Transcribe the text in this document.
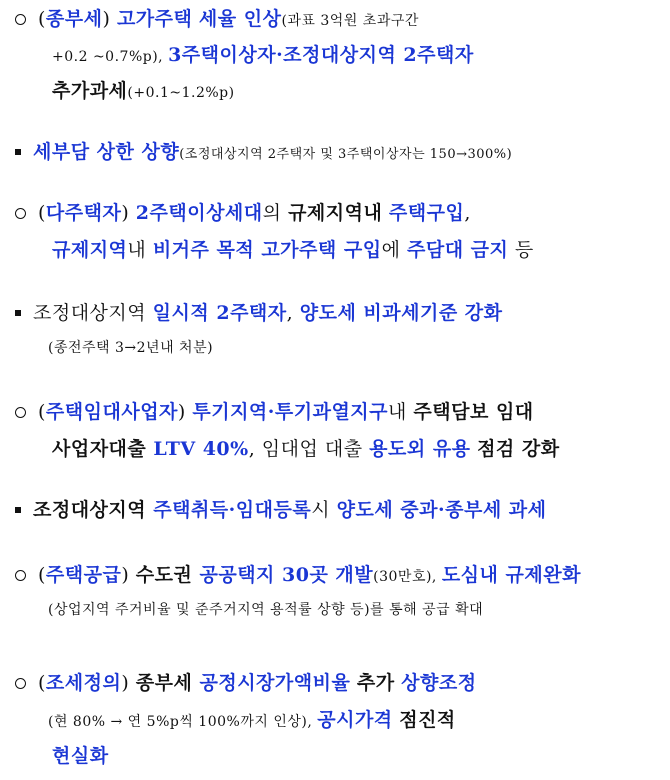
(종부세) 고가주택 세율 인상(과표 3억원 초과구간
+0.2 ~0.7%p), 3주택이상자·조정대상지역 2주택자
추가과세(+0.1~1.2%p)
세부담 상한 상향(조정대상지역 2주택자 및 3주택이상자는 150→300%)
(다주택자) 2주택이상세대의 규제지역내 주택구입,
규제지역내 비거주 목적 고가주택 구입에 주담대 금지 등
조정대상지역 일시적 2주택자, 양도세 비과세기준 강화
(종전주택 3→2년내 처분)
(주택임대사업자) 투기지역·투기과열지구내 주택담보 임대
사업자대출 LTV 40%, 임대업 대출 용도외 유용 점검 강화
조정대상지역 주택취득·임대등록시 양도세 중과·종부세 과세
(주택공급) 수도권 공공택지 30곳 개발(30만호), 도심내 규제완화
(상업지역 주거비율 및 준주거지역 용적률 상향 등)를 통해 공급 확대
(조세정의) 종부세 공정시장가액비율 추가 상향조정
(현 80% → 연 5%p씩 100%까지 인상), 공시가격 점진적
현실화
